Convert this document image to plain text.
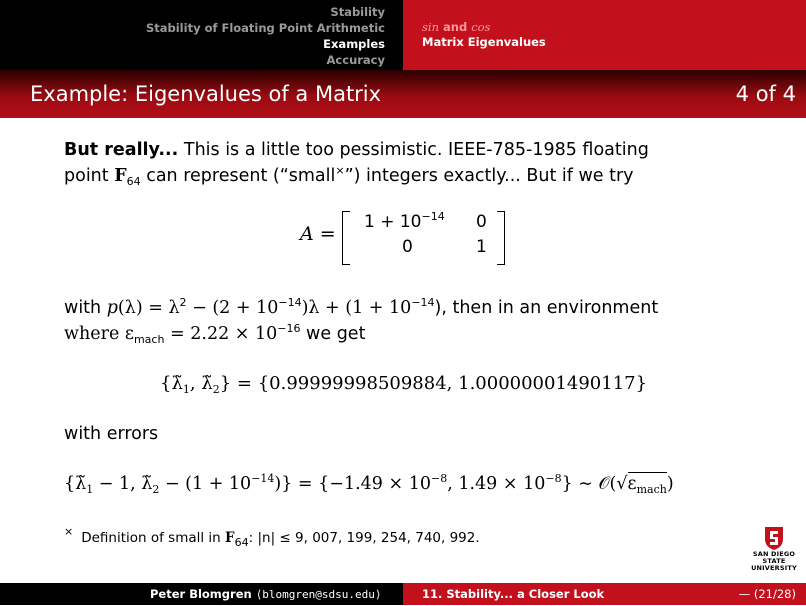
Stability
Stability of Floating Point Arithmetic
Examples
Accuracy
sin and cos
Matrix Eigenvalues
Example: Eigenvalues of a Matrix	4 of 4
But really... This is a little too pessimistic. IEEE-785-1985 floating
point $F_{64}$ can represent (“small×”) integers exactly... But if we try
A =
$1 + 10^{-14}$ 0
0	1
with $p(\lambda) = \lambda^2 - (2 + 10^{-14})\lambda + (1 + 10^{-14})$, then in an environment
where $\varepsilon_{mach} = 2.22 \times 10^{-16}$ we get
{$\lambdã_1$, $\lambdã_2\} = \{0.99999998509884$, 1.00000001490117}
with errors
{$\lambdã_1 - 1$, $\lambdã_2 - (1 + 10^{-14})\} = \{-1.49 \times 10^{-8}$, $1.49 \times 10^{-8}$} ∼ $𝒪(√\varepsilon_{mach})$
× Definition of small in $F_{64}$: |n| ≤ 9, 007, 199, 254, 740, 992.
SAN DIEGO STATE
UNIVERSITY
Peter Blomgren ⟨blomgren@sdsu.edu⟩	11. Stability... a Closer Look	— (21/28)
